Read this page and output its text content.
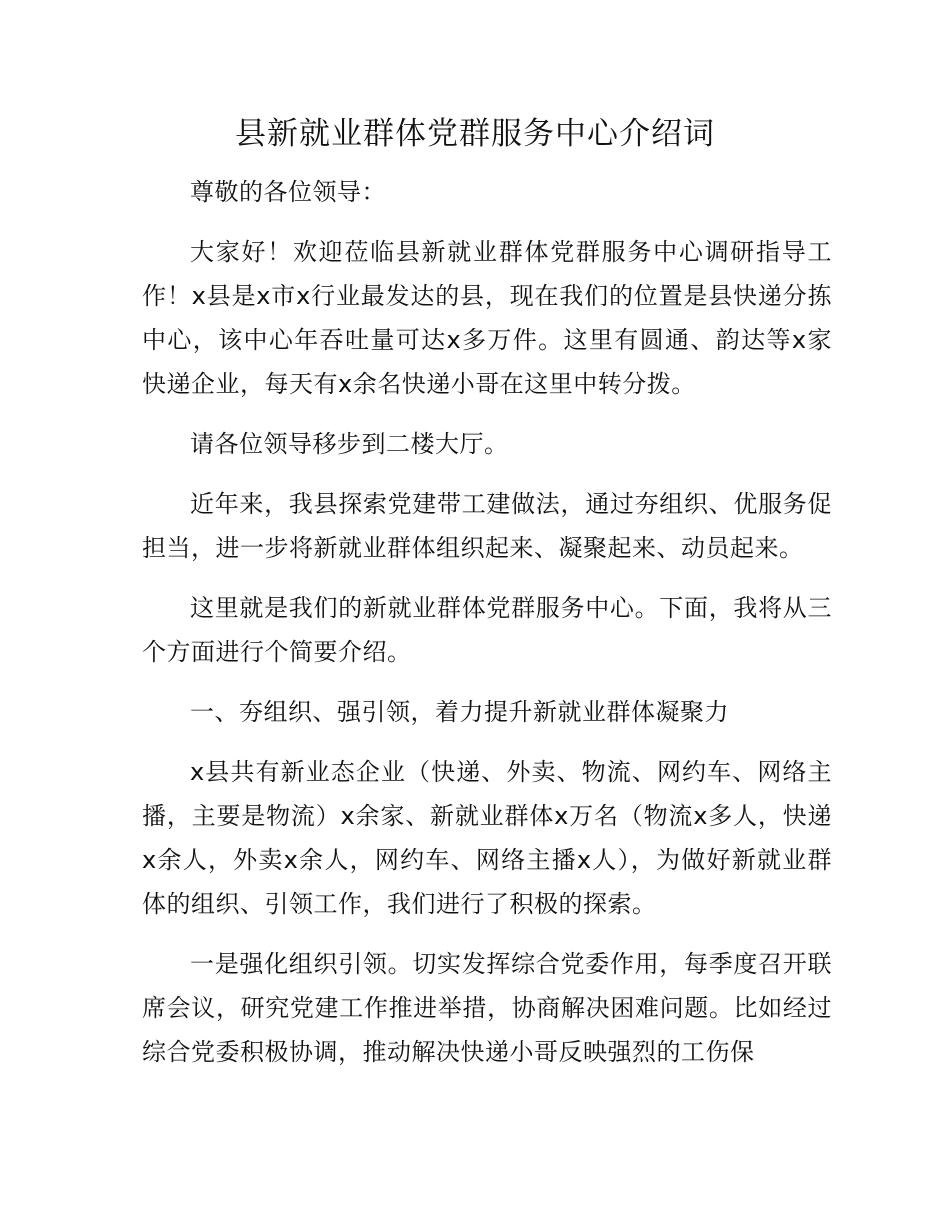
县新就业群体党群服务中心介绍词

尊敬的各位领导：

大家好！欢迎莅临县新就业群体党群服务中心调研指导工作！x县是x市x行业最发达的县，现在我们的位置是县快递分拣中心，该中心年吞吐量可达x多万件。这里有圆通、韵达等x家快递企业，每天有x余名快递小哥在这里中转分拨。

请各位领导移步到二楼大厅。

近年来，我县探索党建带工建做法，通过夯组织、优服务促担当，进一步将新就业群体组织起来、凝聚起来、动员起来。

这里就是我们的新就业群体党群服务中心。下面，我将从三个方面进行个简要介绍。

一、夯组织、强引领，着力提升新就业群体凝聚力

x县共有新业态企业（快递、外卖、物流、网约车、网络主播，主要是物流）x余家、新就业群体x万名（物流x多人，快递x余人，外卖x余人，网约车、网络主播x人），为做好新就业群体的组织、引领工作，我们进行了积极的探索。

一是强化组织引领。切实发挥综合党委作用，每季度召开联席会议，研究党建工作推进举措，协商解决困难问题。比如经过综合党委积极协调，推动解决快递小哥反映强烈的工伤保
